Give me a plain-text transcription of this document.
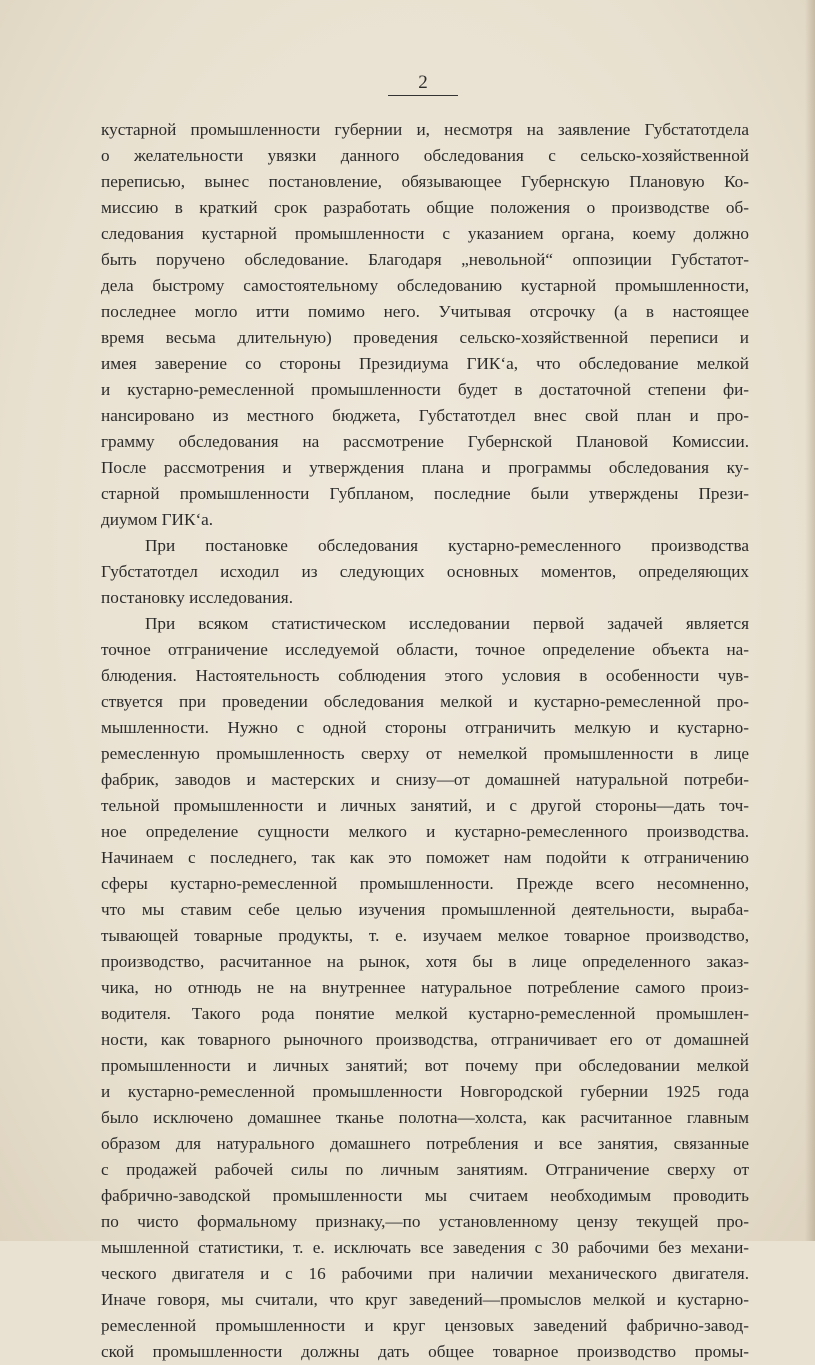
2
кустарной промышленности губернии и, несмотря на заявление Губстатотдела
о желательности увязки данного обследования с сельско-хозяйственной
переписью, вынес постановление, обязывающее Губернскую Плановую Ко-
миссию в краткий срок разработать общие положения о производстве об-
следования кустарной промышленности с указанием органа, коему должно
быть поручено обследование. Благодаря „невольной“ оппозиции Губстатот-
дела быстрому самостоятельному обследованию кустарной промышленности,
последнее могло итти помимо него. Учитывая отсрочку (а в настоящее
время весьма длительную) проведения сельско-хозяйственной переписи и
имея заверение со стороны Президиума ГИК‘а, что обследование мелкой
и кустарно-ремесленной промышленности будет в достаточной степени фи-
нансировано из местного бюджета, Губстатотдел внес свой план и про-
грамму обследования на рассмотрение Губернской Плановой Комиссии.
После рассмотрения и утверждения плана и программы обследования ку-
старной промышленности Губпланом, последние были утверждены Прези-
диумом ГИК‘а.
При постановке обследования кустарно-ремесленного производства
Губстатотдел исходил из следующих основных моментов, определяющих
постановку исследования.
При всяком статистическом исследовании первой задачей является
точное отграничение исследуемой области, точное определение объекта на-
блюдения. Настоятельность соблюдения этого условия в особенности чув-
ствуется при проведении обследования мелкой и кустарно-ремесленной про-
мышленности. Нужно с одной стороны отграничить мелкую и кустарно-
ремесленную промышленность сверху от немелкой промышленности в лице
фабрик, заводов и мастерских и снизу—от домашней натуральной потреби-
тельной промышленности и личных занятий, и с другой стороны—дать точ-
ное определение сущности мелкого и кустарно-ремесленного производства.
Начинаем с последнего, так как это поможет нам подойти к отграничению
сферы кустарно-ремесленной промышленности. Прежде всего несомненно,
что мы ставим себе целью изучения промышленной деятельности, выраба-
тывающей товарные продукты, т. е. изучаем мелкое товарное производство,
производство, расчитанное на рынок, хотя бы в лице определенного заказ-
чика, но отнюдь не на внутреннее натуральное потребление самого произ-
водителя. Такого рода понятие мелкой кустарно-ремесленной промышлен-
ности, как товарного рыночного производства, отграничивает его от домашней
промышленности и личных занятий; вот почему при обследовании мелкой
и кустарно-ремесленной промышленности Новгородской губернии 1925 года
было исключено домашнее тканье полотна—холста, как расчитанное главным
образом для натурального домашнего потребления и все занятия, связанные
с продажей рабочей силы по личным занятиям. Отграничение сверху от
фабрично-заводской промышленности мы считаем необходимым проводить
по чисто формальному признаку,—по установленному цензу текущей про-
мышленной статистики, т. е. исключать все заведения с 30 рабочими без механи-
ческого двигателя и с 16 рабочими при наличии механического двигателя.
Иначе говоря, мы считали, что круг заведений—промыслов мелкой и кустарно-
ремесленной промышленности и круг цензовых заведений фабрично-завод-
ской промышленности должны дать общее товарное производство промы-
